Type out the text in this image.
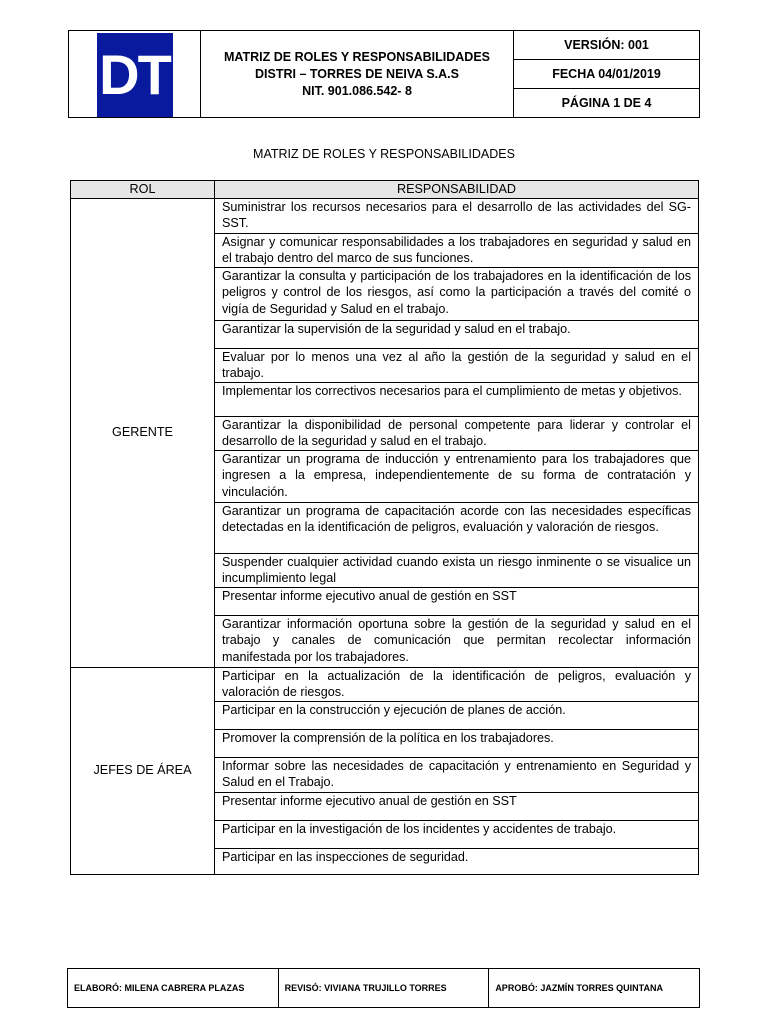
DT	MATRIZ DE ROLES Y RESPONSABILIDADES
DISTRI – TORRES DE NEIVA S.A.S
NIT. 901.086.542- 8
	VERSIÓN: 001
FECHA 04/01/2019
PÁGINA 1 DE 4
MATRIZ DE ROLES Y RESPONSABILIDADES
ROL	RESPONSABILIDAD
GERENTE	Suministrar los recursos necesarios para el desarrollo de las actividades del SG-SST.
	Asignar y comunicar responsabilidades a los trabajadores en seguridad y salud en el trabajo dentro del marco de sus funciones.
	Garantizar la consulta y participación de los trabajadores en la identificación de los peligros y control de los riesgos, así como la participación a través del comité o vigía de Seguridad y Salud en el trabajo.
	Garantizar la supervisión de la seguridad y salud en el trabajo.
	Evaluar por lo menos una vez al año la gestión de la seguridad y salud en el trabajo.
	Implementar los correctivos necesarios para el cumplimiento de metas y objetivos.
	Garantizar la disponibilidad de personal competente para liderar y controlar el desarrollo de la seguridad y salud en el trabajo.
	Garantizar un programa de inducción y entrenamiento para los trabajadores que ingresen a la empresa, independientemente de su forma de contratación y vinculación.
	Garantizar un programa de capacitación acorde con las necesidades específicas detectadas en la identificación de peligros, evaluación y valoración de riesgos.
	Suspender cualquier actividad cuando exista un riesgo inminente o se visualice un incumplimiento legal
	Presentar informe ejecutivo anual de gestión en SST
	Garantizar información oportuna sobre la gestión de la seguridad y salud en el trabajo y canales de comunicación que permitan recolectar información manifestada por los trabajadores.
JEFES DE ÁREA	Participar en la actualización de la identificación de peligros, evaluación y valoración de riesgos.
	Participar en la construcción y ejecución de planes de acción.
	Promover la comprensión de la política en los trabajadores.
	Informar sobre las necesidades de capacitación y entrenamiento en Seguridad y Salud en el Trabajo.
	Presentar informe ejecutivo anual de gestión en SST
	Participar en la investigación de los incidentes y accidentes de trabajo.
	Participar en las inspecciones de seguridad.
ELABORÓ: MILENA CABRERA PLAZAS	REVISÓ: VIVIANA TRUJILLO TORRES	APROBÓ: JAZMÍN TORRES QUINTANA
